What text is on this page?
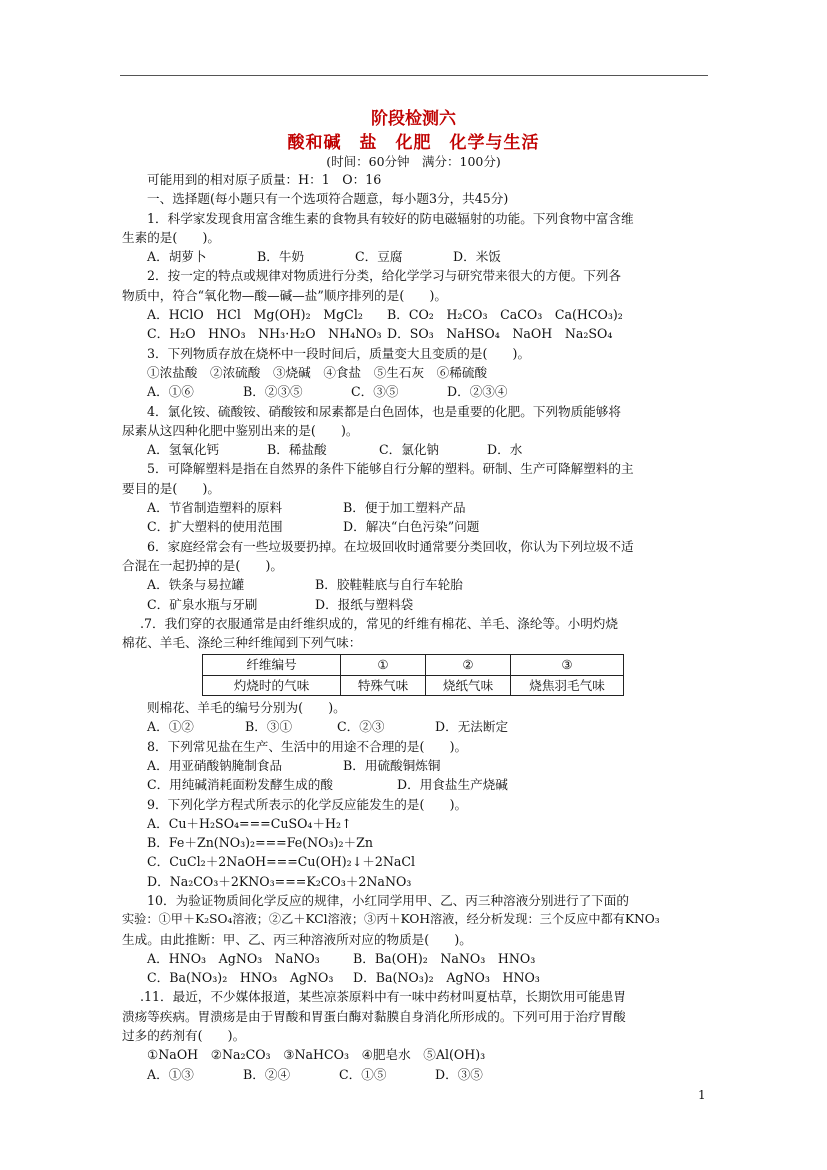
阶段检测六
酸和碱　盐　化肥　化学与生活
(时间：60分钟　满分：100分)

可能用到的相对原子质量：H：1　O：16

一、选择题(每小题只有一个选项符合题意，每小题3分，共45分)

1．科学家发现食用富含维生素的食物具有较好的防电磁辐射的功能。下列食物中富含维

生素的是(　　)。

A．胡萝卜	B．牛奶	C．豆腐	D．米饭

2．按一定的特点或规律对物质进行分类，给化学学习与研究带来很大的方便。下列各

物质中，符合“氧化物—酸—碱—盐”顺序排列的是(　　)。

A．HClO　HCl　Mg(OH)₂　MgCl₂	B．CO₂　H₂CO₃　CaCO₃　Ca(HCO₃)₂
C．H₂O　HNO₃　NH₃·H₂O　NH₄NO₃ D．SO₃　NaHSO₄　NaOH　Na₂SO₄

3．下列物质存放在烧杯中一段时间后，质量变大且变质的是(　　)。

①浓盐酸　②浓硫酸　③烧碱　④食盐　⑤生石灰　⑥稀硫酸

A．①⑥	B．②③⑤	C．③⑤	D．②③④

4．氯化铵、硫酸铵、硝酸铵和尿素都是白色固体，也是重要的化肥。下列物质能够将

尿素从这四种化肥中鉴别出来的是(　　)。

A．氢氧化钙	B．稀盐酸	C．氯化钠	D．水

5．可降解塑料是指在自然界的条件下能够自行分解的塑料。研制、生产可降解塑料的主

要目的是(　　)。

A．节省制造塑料的原料	B．便于加工塑料产品
C．扩大塑料的使用范围	D．解决“白色污染”问题

6．家庭经常会有一些垃圾要扔掉。在垃圾回收时通常要分类回收，你认为下列垃圾不适

合混在一起扔掉的是(　　)。

A．铁条与易拉罐	B．胶鞋鞋底与自行车轮胎
C．矿泉水瓶与牙刷	D．报纸与塑料袋

.7．我们穿的衣服通常是由纤维织成的，常见的纤维有棉花、羊毛、涤纶等。小明灼烧

棉花、羊毛、涤纶三种纤维闻到下列气味：

纤维编号	①	②	③
灼烧时的气味	特殊气味	烧纸气味	烧焦羽毛气味

则棉花、羊毛的编号分别为(　　)。

A．①②	B．③①	C．②③	D．无法断定

8．下列常见盐在生产、生活中的用途不合理的是(　　)。

A．用亚硝酸钠腌制食品	B．用硫酸铜炼铜
C．用纯碱消耗面粉发酵生成的酸	D．用食盐生产烧碱

9．下列化学方程式所表示的化学反应能发生的是(　　)。

A．Cu＋H₂SO₄===CuSO₄＋H₂↑

B．Fe＋Zn(NO₃)₂===Fe(NO₃)₂＋Zn

C．CuCl₂＋2NaOH===Cu(OH)₂↓＋2NaCl

D．Na₂CO₃＋2KNO₃===K₂CO₃＋2NaNO₃

10．为验证物质间化学反应的规律，小红同学用甲、乙、丙三种溶液分别进行了下面的

实验：①甲＋K₂SO₄溶液；②乙＋KCl溶液；③丙＋KOH溶液，经分析发现：三个反应中都有KNO₃

生成。由此推断：甲、乙、丙三种溶液所对应的物质是(　　)。

A．HNO₃　AgNO₃　NaNO₃	B．Ba(OH)₂　NaNO₃　HNO₃
C．Ba(NO₃)₂　HNO₃　AgNO₃	D．Ba(NO₃)₂　AgNO₃　HNO₃

.11．最近，不少媒体报道，某些凉茶原料中有一味中药材叫夏枯草，长期饮用可能患胃

溃疡等疾病。胃溃疡是由于胃酸和胃蛋白酶对黏膜自身消化所形成的。下列可用于治疗胃酸

过多的药剂有(　　)。

①NaOH　②Na₂CO₃　③NaHCO₃　④肥皂水　⑤Al(OH)₃

A．①③	B．②④	C．①⑤	D．③⑤
1
